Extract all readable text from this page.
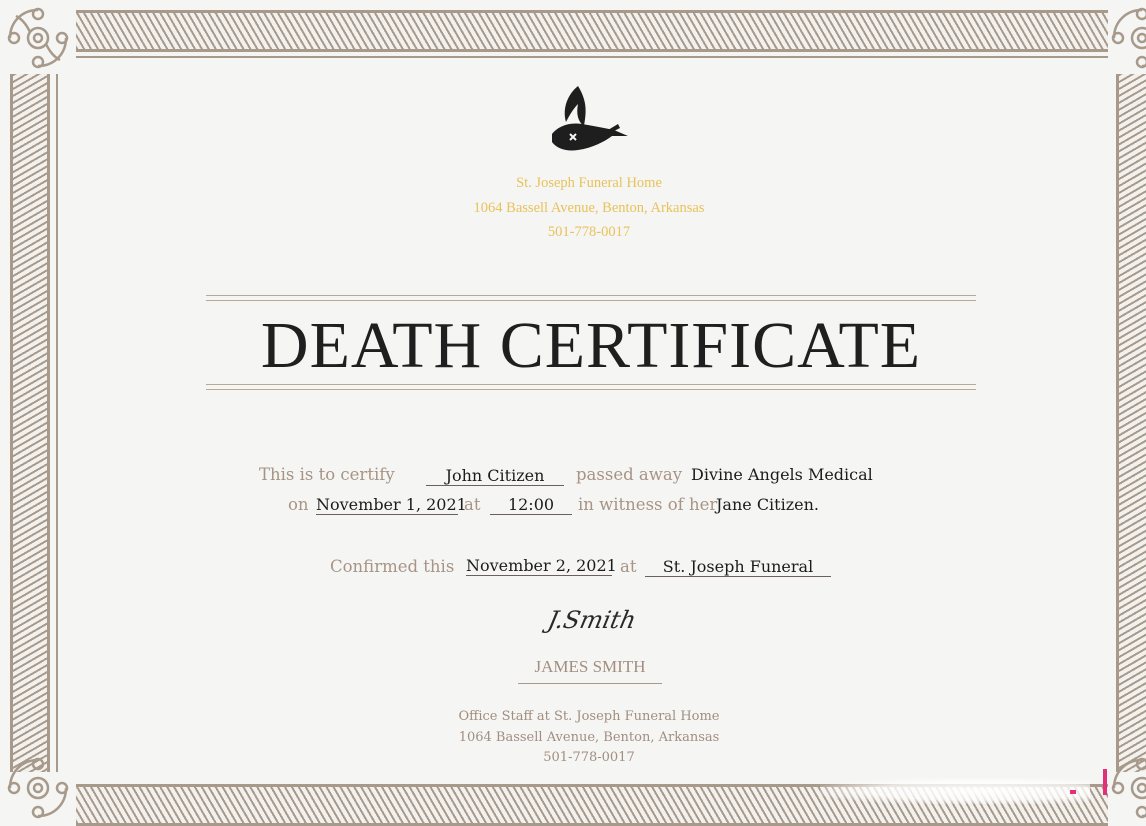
St. Joseph Funeral Home
1064 Bassell Avenue, Benton, Arkansas
501-778-0017
DEATH CERTIFICATE
This is to certify	John Citizen	passed away Divine Angels Medical
on November 1, 2021
at	12:00	in witness of her
Jane Citizen.
Confirmed this November 2, 2021 at	St. Joseph Funeral
J.Smith
JAMES SMITH
Office Staff at St. Joseph Funeral Home
1064 Bassell Avenue, Benton, Arkansas
501-778-0017
